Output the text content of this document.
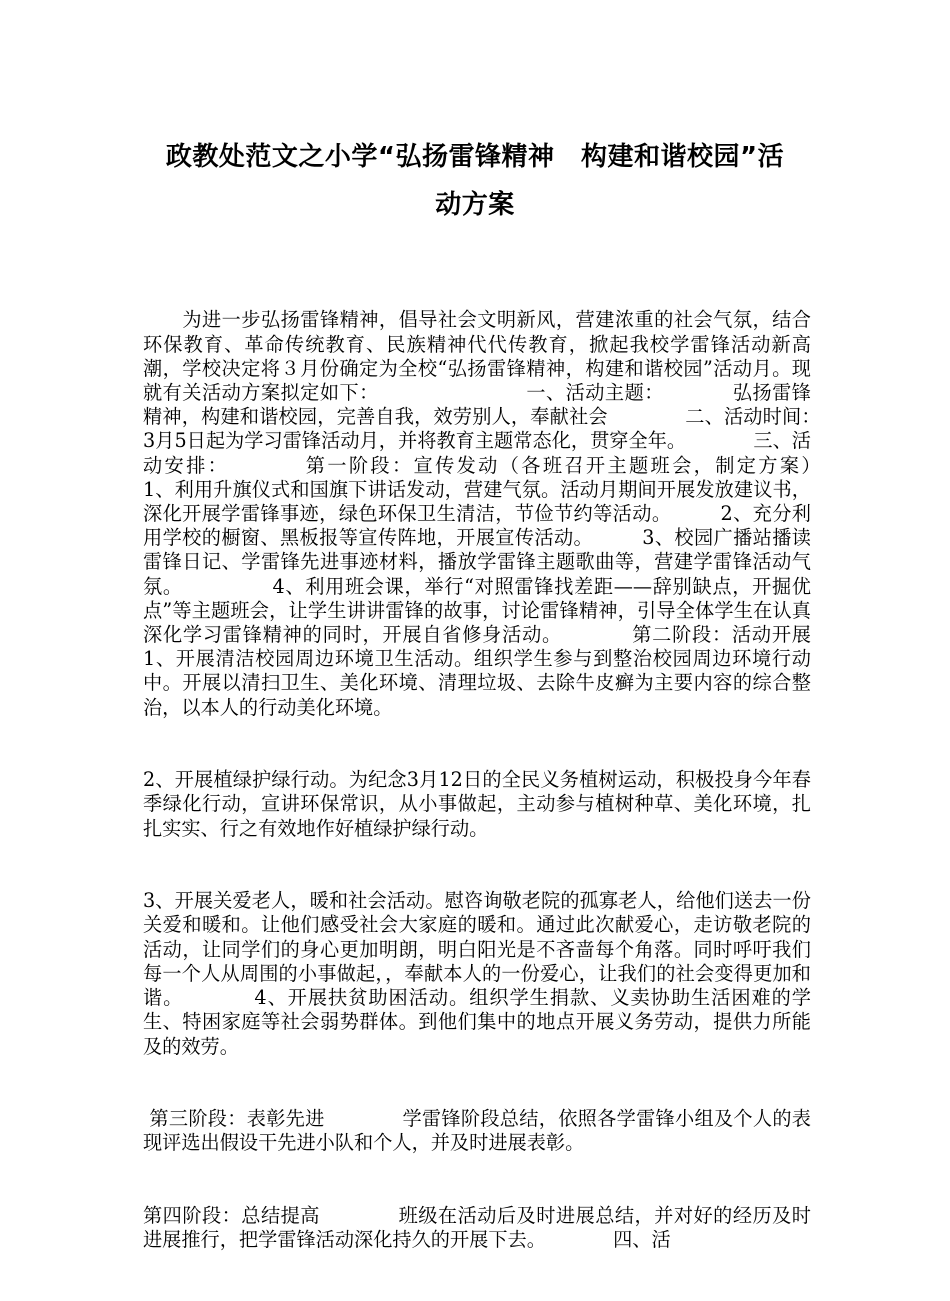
政教处范文之小学“弘扬雷锋精神　构建和谐校园”活
动方案

　　为进一步弘扬雷锋精神，倡导社会文明新风，营建浓重的社会气氛，结合环保教育、革命传统教育、民族精神代代传教育，掀起我校学雷锋活动新高潮，学校决定将３月份确定为全校“弘扬雷锋精神，构建和谐校园”活动月。现就有关活动方案拟定如下：　　　　　　　　一、活动主题：　　　　弘扬雷锋精神，构建和谐校园，完善自我，效劳别人，奉献社会　　　　二、活动时间：　　3月5日起为学习雷锋活动月，并将教育主题常态化，贯穿全年。　　　　三、活动安排：　　　　第一阶段：宣传发动（各班召开主题班会，制定方案）　　　1、利用升旗仪式和国旗下讲话发动，营建气氛。活动月期间开展发放建议书，深化开展学雷锋事迹，绿色环保卫生清洁，节俭节约等活动。　　　2、充分利用学校的橱窗、黑板报等宣传阵地，开展宣传活动。　　　3、校园广播站播读雷锋日记、学雷锋先进事迹材料，播放学雷锋主题歌曲等，营建学雷锋活动气氛。　　　　　4、利用班会课，举行“对照雷锋找差距——辞别缺点，开掘优点”等主题班会，让学生讲讲雷锋的故事，讨论雷锋精神，引导全体学生在认真深化学习雷锋精神的同时，开展自省修身活动。　　　　第二阶段：活动开展　　　1、开展清洁校园周边环境卫生活动。组织学生参与到整治校园周边环境行动中。开展以清扫卫生、美化环境、清理垃圾、去除牛皮癣为主要内容的综合整治，以本人的行动美化环境。

2、开展植绿护绿行动。为纪念3月12日的全民义务植树运动，积极投身今年春季绿化行动，宣讲环保常识，从小事做起，主动参与植树种草、美化环境，扎扎实实、行之有效地作好植绿护绿行动。

3、开展关爱老人，暖和社会活动。慰咨询敬老院的孤寡老人，给他们送去一份关爱和暖和。让他们感受社会大家庭的暖和。通过此次献爱心，走访敬老院的活动，让同学们的身心更加明朗，明白阳光是不吝啬每个角落。同时呼吁我们每一个人从周围的小事做起，，奉献本人的一份爱心，让我们的社会变得更加和谐。　　　　4、开展扶贫助困活动。组织学生捐款、义卖协助生活困难的学生、特困家庭等社会弱势群体。到他们集中的地点开展义务劳动，提供力所能及的效劳。

第三阶段：表彰先进　　　　学雷锋阶段总结，依照各学雷锋小组及个人的表现评选出假设干先进小队和个人，并及时进展表彰。

第四阶段：总结提高　　　　班级在活动后及时进展总结，并对好的经历及时进展推行，把学雷锋活动深化持久的开展下去。　　　　四、活
